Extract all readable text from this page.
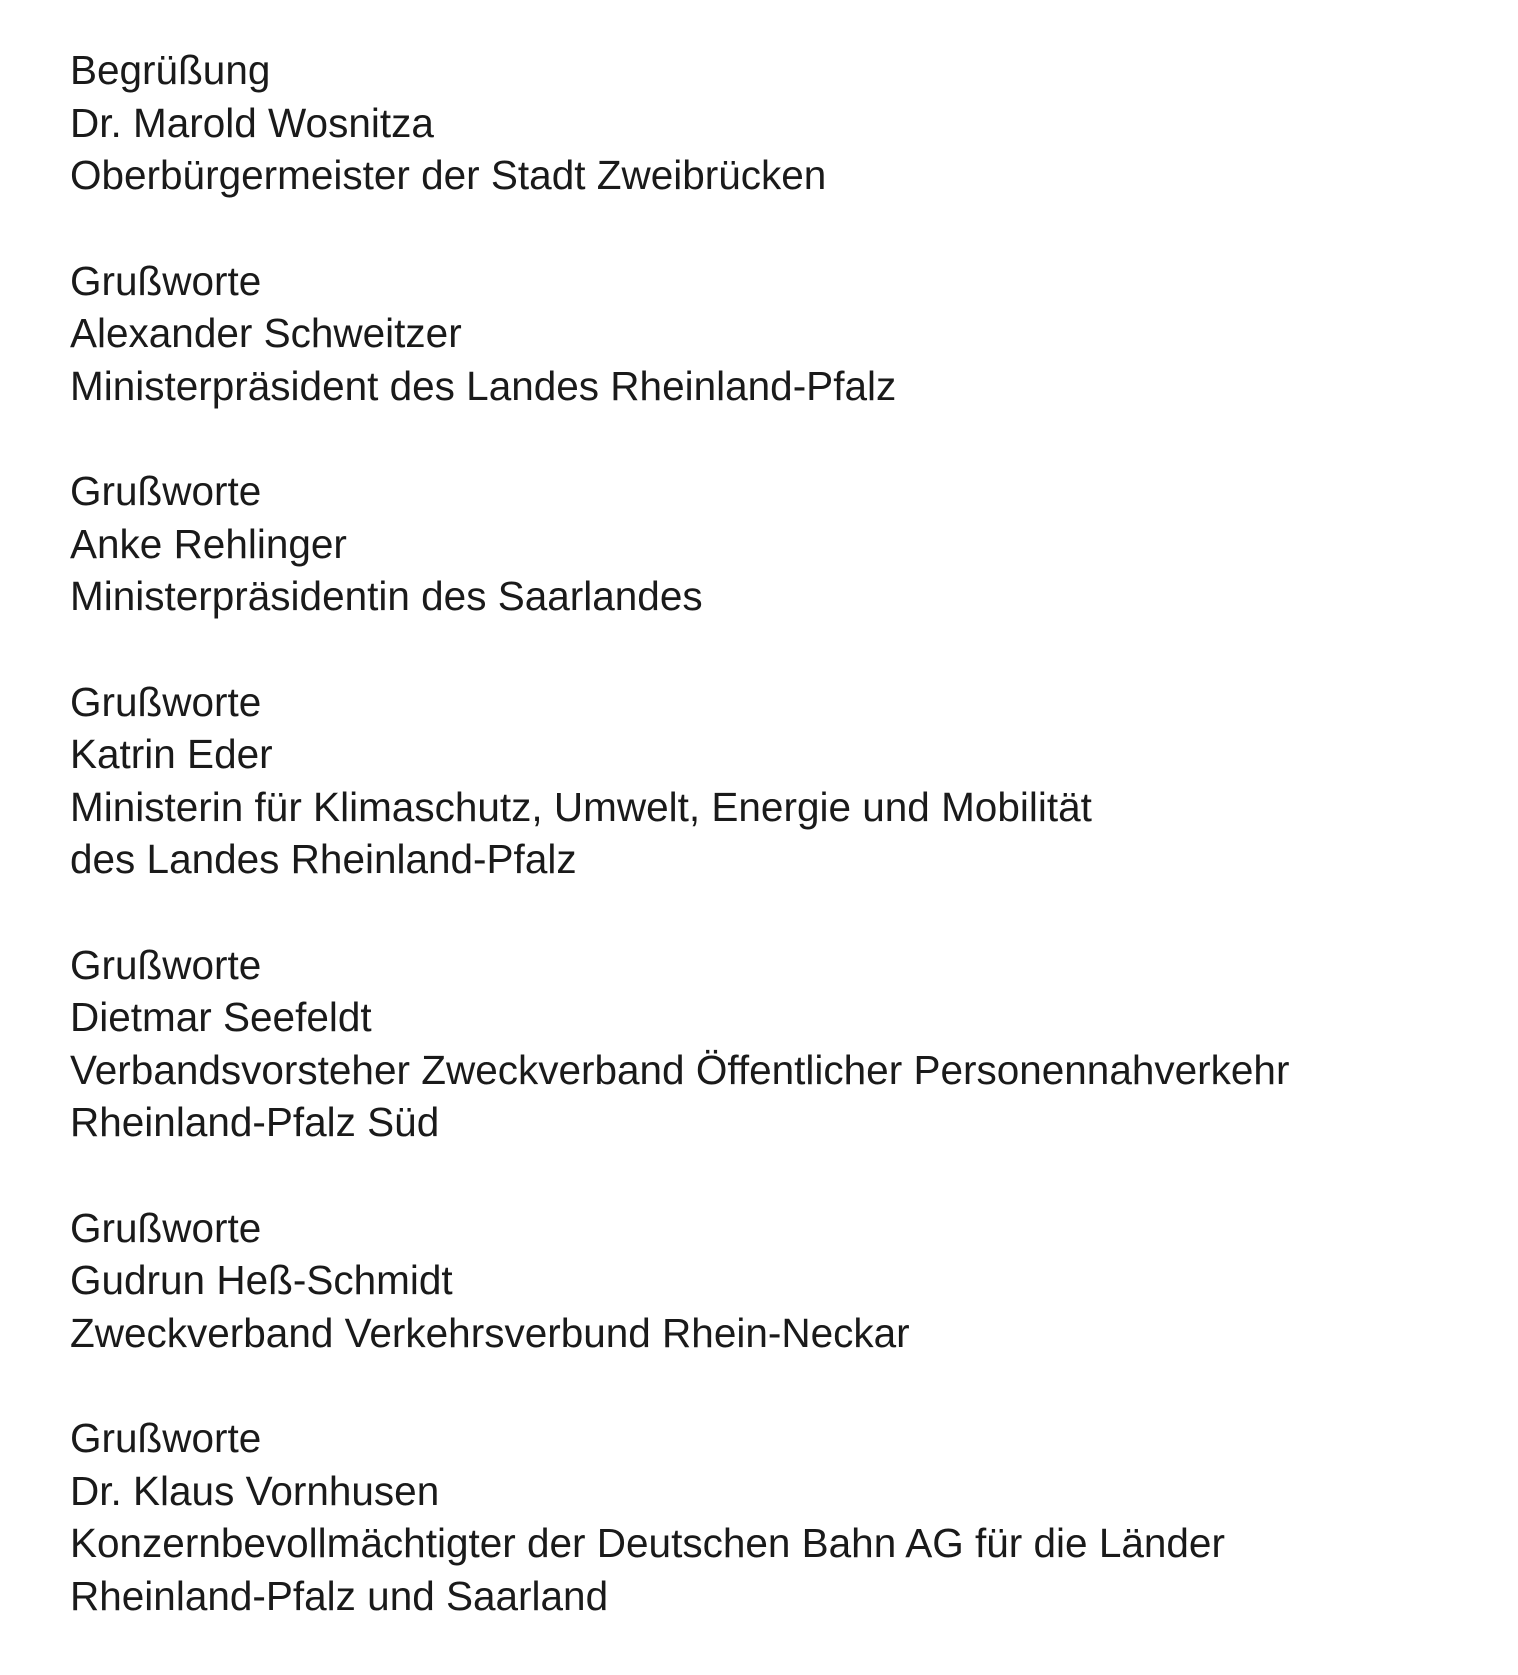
Begrüßung
Dr. Marold Wosnitza
Oberbürgermeister der Stadt Zweibrücken
Grußworte
Alexander Schweitzer
Ministerpräsident des Landes Rheinland-Pfalz
Grußworte
Anke Rehlinger
Ministerpräsidentin des Saarlandes
Grußworte
Katrin Eder
Ministerin für Klimaschutz, Umwelt, Energie und Mobilität
des Landes Rheinland-Pfalz
Grußworte
Dietmar Seefeldt
Verbandsvorsteher Zweckverband Öffentlicher Personennahverkehr
Rheinland-Pfalz Süd
Grußworte
Gudrun Heß-Schmidt
Zweckverband Verkehrsverbund Rhein-Neckar
Grußworte
Dr. Klaus Vornhusen
Konzernbevollmächtigter der Deutschen Bahn AG für die Länder
Rheinland-Pfalz und Saarland
